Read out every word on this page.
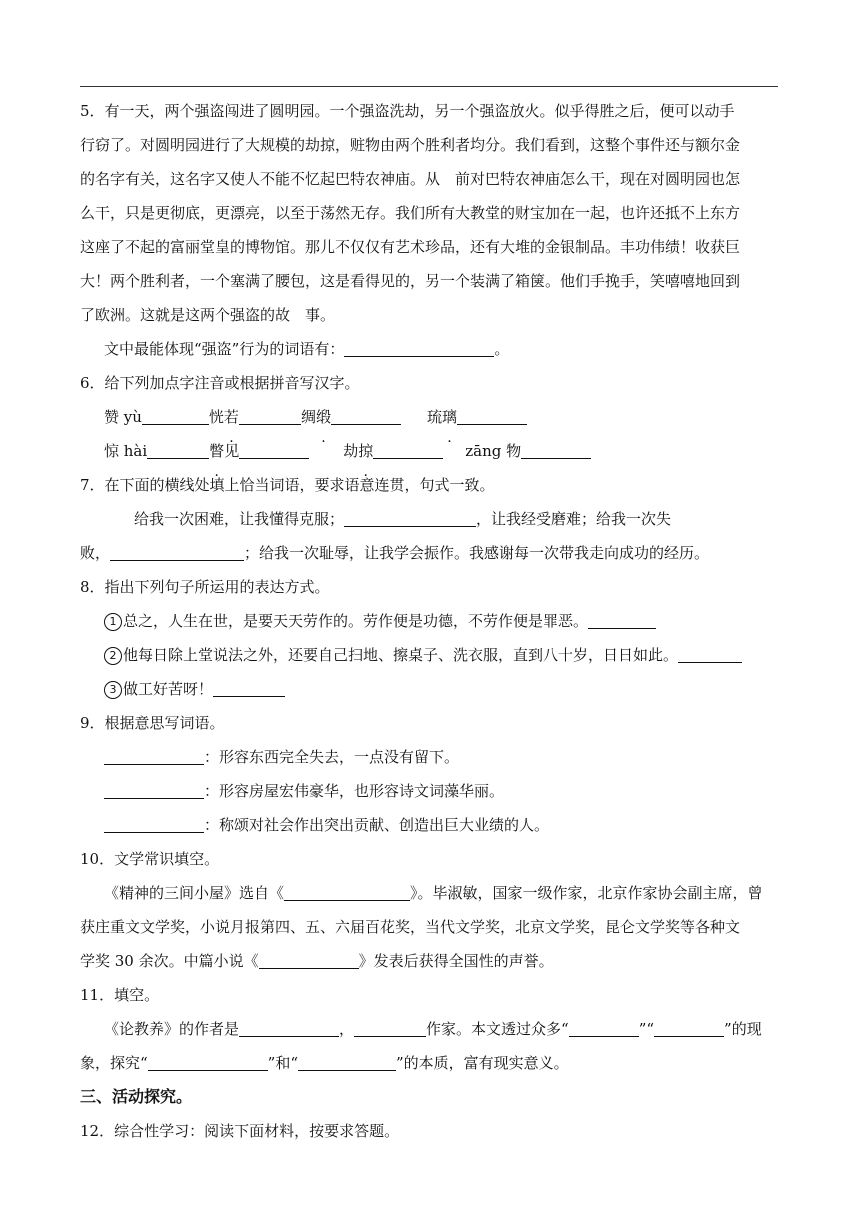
5．有一天，两个强盗闯进了圆明园。一个强盗洗劫，另一个强盗放火。似乎得胜之后，便可以动手
行窃了。对圆明园进行了大规模的劫掠，赃物由两个胜利者均分。我们看到，这整个事件还与额尔金
的名字有关，这名字又使人不能不忆起巴特农神庙。从　前对巴特农神庙怎么干，现在对圆明园也怎
么干，只是更彻底，更漂亮，以至于荡然无存。我们所有大教堂的财宝加在一起，也许还抵不上东方
这座了不起的富丽堂皇的博物馆。那儿不仅仅有艺术珍品，还有大堆的金银制品。丰功伟绩！收获巨
大！两个胜利者，一个塞满了腰包，这是看得见的，另一个装满了箱箧。他们手挽手，笑嘻嘻地回到
了欧洲。这就是这两个强盗的故　事。
文中最能体现“强盗”行为的词语有：	。
6．给下列加点字注音或根据拼音写汉字。
赞 yù	恍若	绸缎	琉璃
惊 hài	瞥见	劫掠	zāng 物
7．在下面的横线处填上恰当词语，要求语意连贯，句式一致。
给我一次困难，让我懂得克服；	，让我经受磨难；给我一次失
败，	；给我一次耻辱，让我学会振作。我感谢每一次带我走向成功的经历。
8．指出下列句子所运用的表达方式。
1 总之，人生在世，是要天天劳作的。劳作便是功德，不劳作便是罪恶。
2 他每日除上堂说法之外，还要自己扫地、擦桌子、洗衣服，直到八十岁，日日如此。
3 做工好苦呀！
9．根据意思写词语。
：形容东西完全失去，一点没有留下。
：形容房屋宏伟豪华，也形容诗文词藻华丽。
：称颂对社会作出突出贡献、创造出巨大业绩的人。
10．文学常识填空。
《精神的三间小屋》选自《	》。毕淑敏，国家一级作家，北京作家协会副主席，曾
获庄重文文学奖，小说月报第四、五、六届百花奖，当代文学奖，北京文学奖，昆仑文学奖等各种文
学奖 30 余次。中篇小说《	》发表后获得全国性的声誉。
11．填空。
《论教养》的作者是	，	作家。本文透过众多“	”“	”的现
象，探究“	”和“	”的本质，富有现实意义。
三、活动探究。
12．综合性学习：阅读下面材料，按要求答题。
